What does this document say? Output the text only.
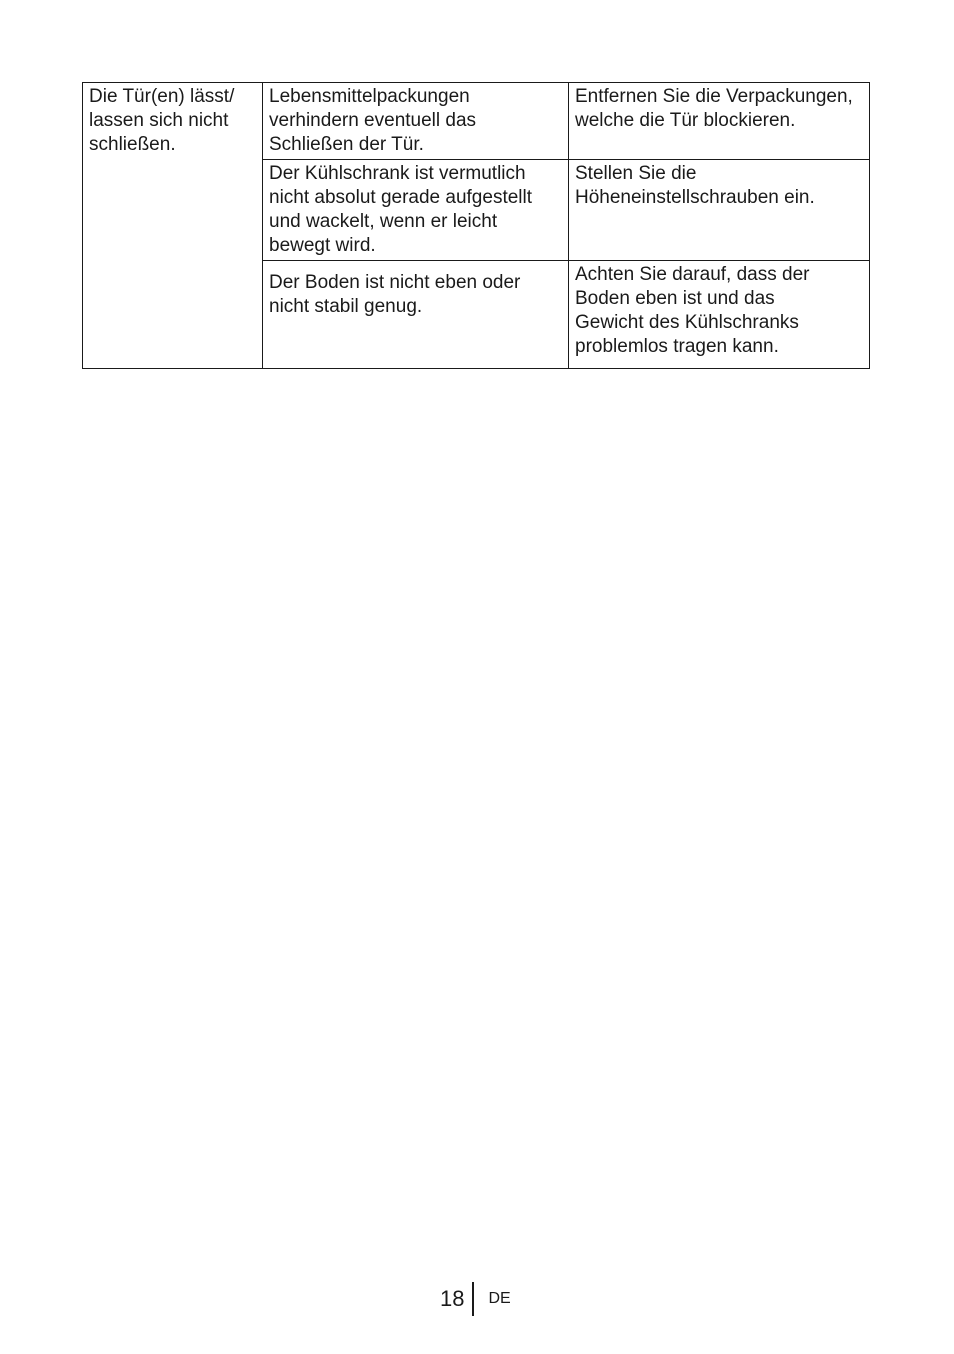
Die Tür(en) lässt/
lassen sich nicht
schließen.	Lebensmittelpackungen
verhindern eventuell das
Schließen der Tür.	Entfernen Sie die Verpackungen,
welche die Tür blockieren.
	Der Kühlschrank ist vermutlich
nicht absolut gerade aufgestellt
und wackelt, wenn er leicht
bewegt wird.	Stellen Sie die
Höheneinstellschrauben ein.
	Der Boden ist nicht eben oder
nicht stabil genug.	Achten Sie darauf, dass der
Boden eben ist und das
Gewicht des Kühlschranks
problemlos tragen kann.
18 DE
